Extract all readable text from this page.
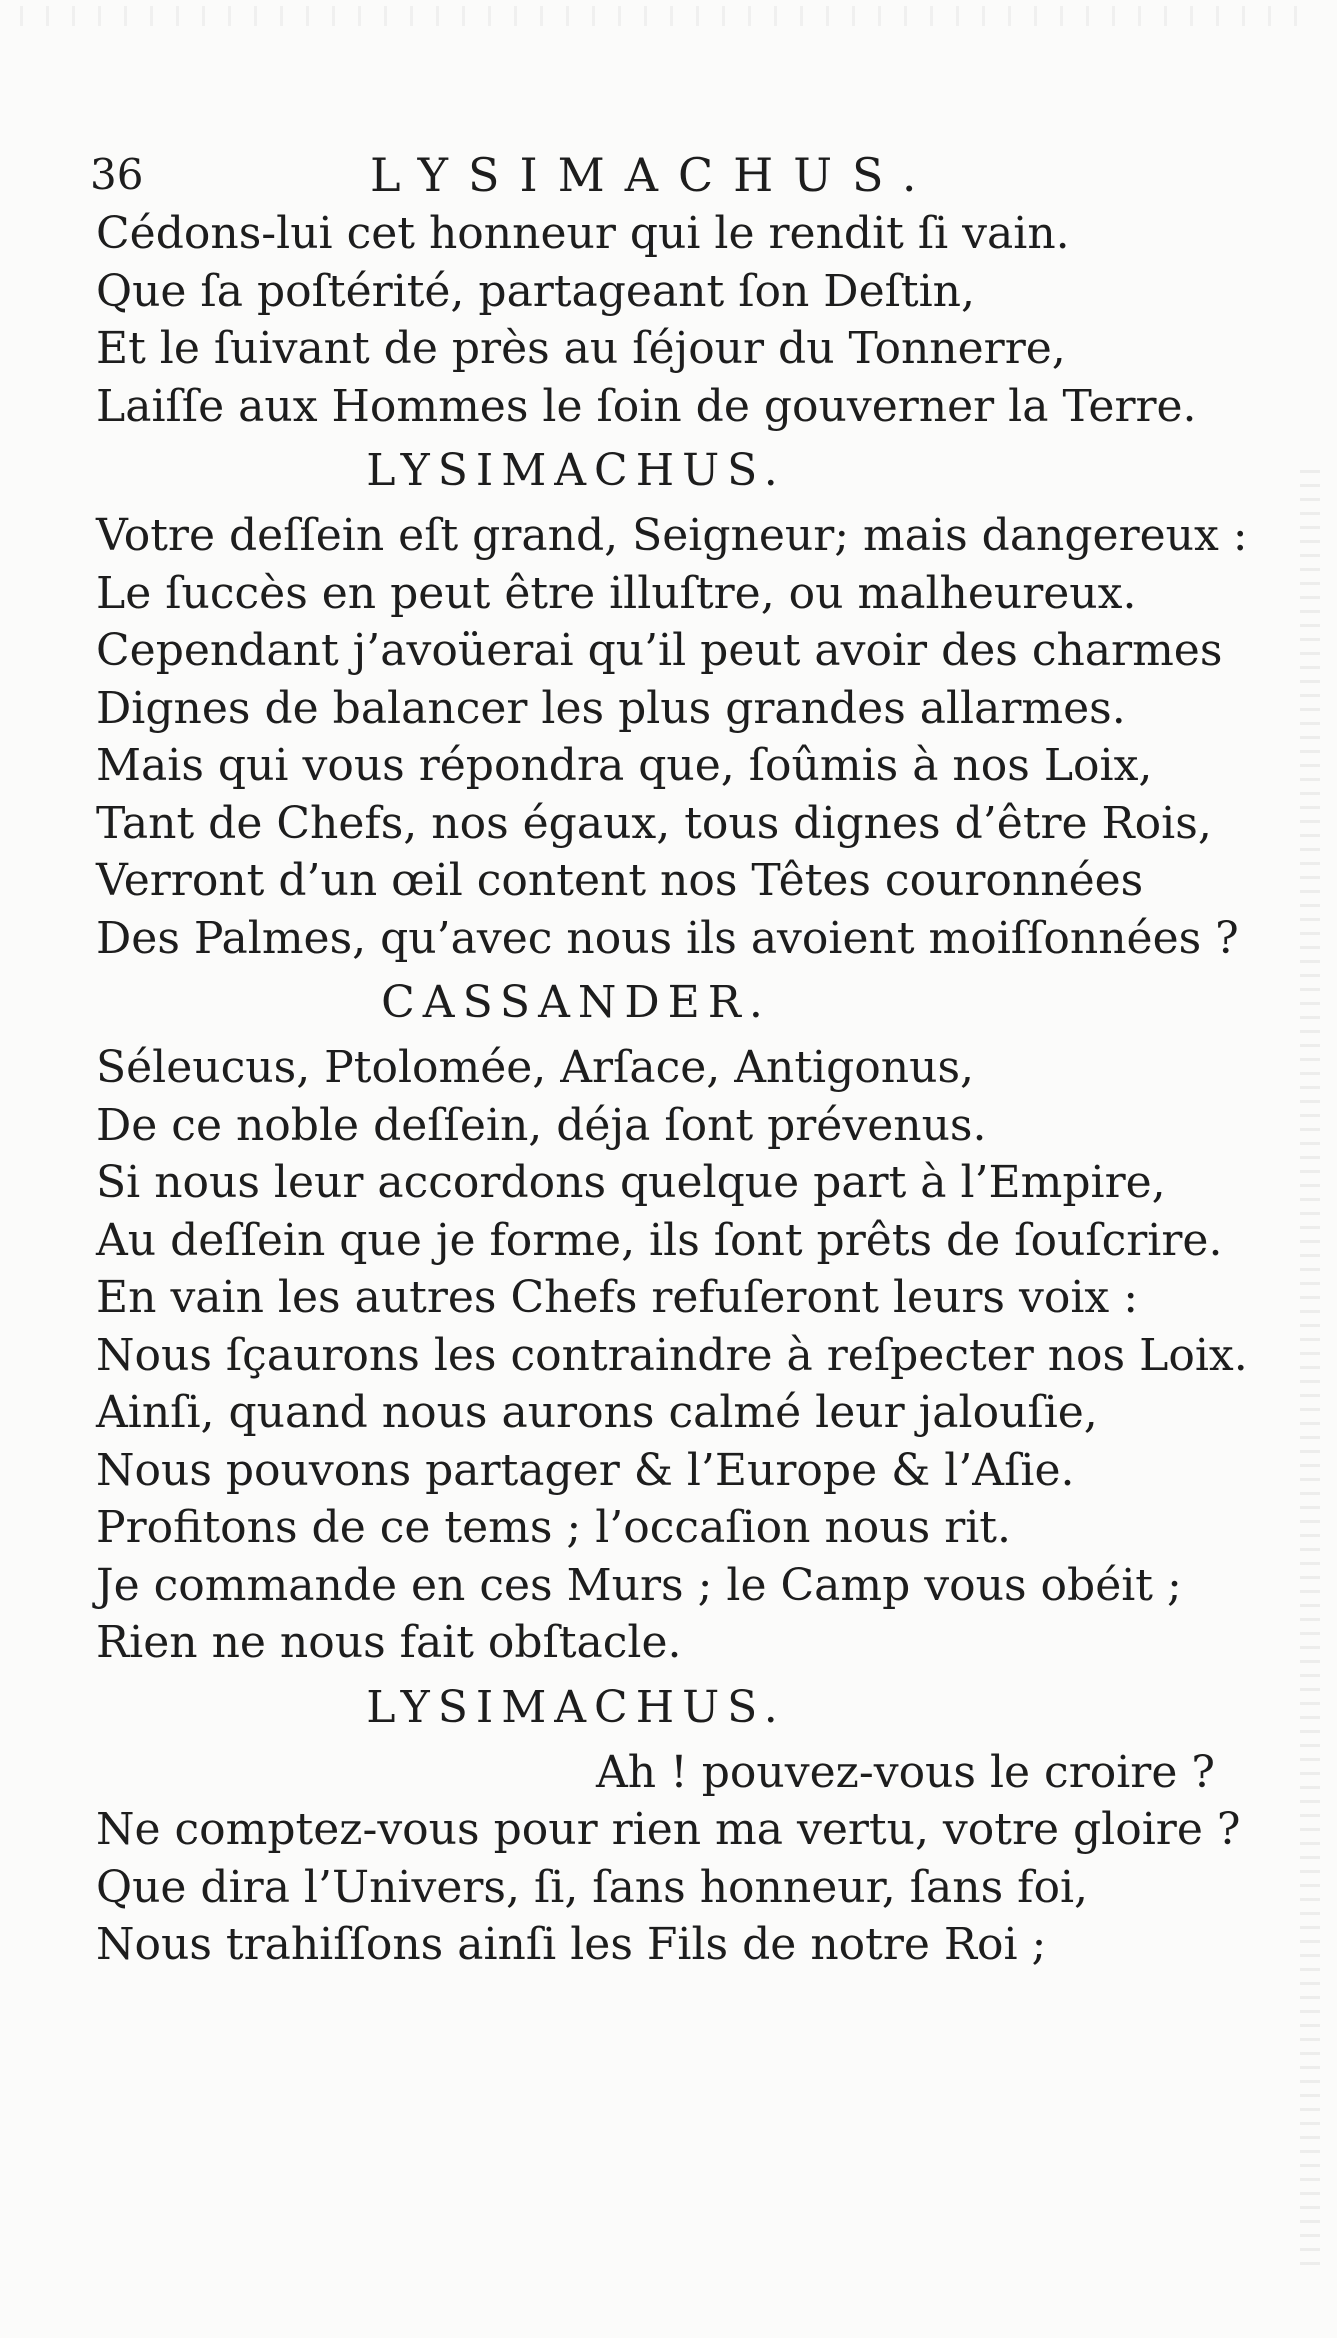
36	LYSIMACHUS.
Cédons-lui cet honneur qui le rendit ſi vain.
Que ſa poſtérité, partageant ſon Deſtin,
Et le ſuivant de près au ſéjour du Tonnerre,
Laiſſe aux Hommes le ſoin de gouverner la Terre.
LYSIMACHUS.
Votre deſſein eſt grand, Seigneur; mais dangereux :
Le ſuccès en peut être illuſtre, ou malheureux.
Cependant j’avoüerai qu’il peut avoir des charmes
Dignes de balancer les plus grandes allarmes.
Mais qui vous répondra que, ſoûmis à nos Loix,
Tant de Chefs, nos égaux, tous dignes d’être Rois,
Verront d’un œil content nos Têtes couronnées
Des Palmes, qu’avec nous ils avoient moiſſonnées ?
CASSANDER.
Séleucus, Ptolomée, Arſace, Antigonus,
De ce noble deſſein, déja ſont prévenus.
Si nous leur accordons quelque part à l’Empire,
Au deſſein que je forme, ils ſont prêts de ſouſcrire.
En vain les autres Chefs refuſeront leurs voix :
Nous ſçaurons les contraindre à reſpecter nos Loix.
Ainſi, quand nous aurons calmé leur jalouſie,
Nous pouvons partager & l’Europe & l’Aſie.
Profitons de ce tems ; l’occaſion nous rit.
Je commande en ces Murs ; le Camp vous obéit ;
Rien ne nous fait obſtacle.
LYSIMACHUS.
Ah ! pouvez-vous le croire ?
Ne comptez-vous pour rien ma vertu, votre gloire ?
Que dira l’Univers, ſi, ſans honneur, ſans foi,
Nous trahiſſons ainſi les Fils de notre Roi ;
